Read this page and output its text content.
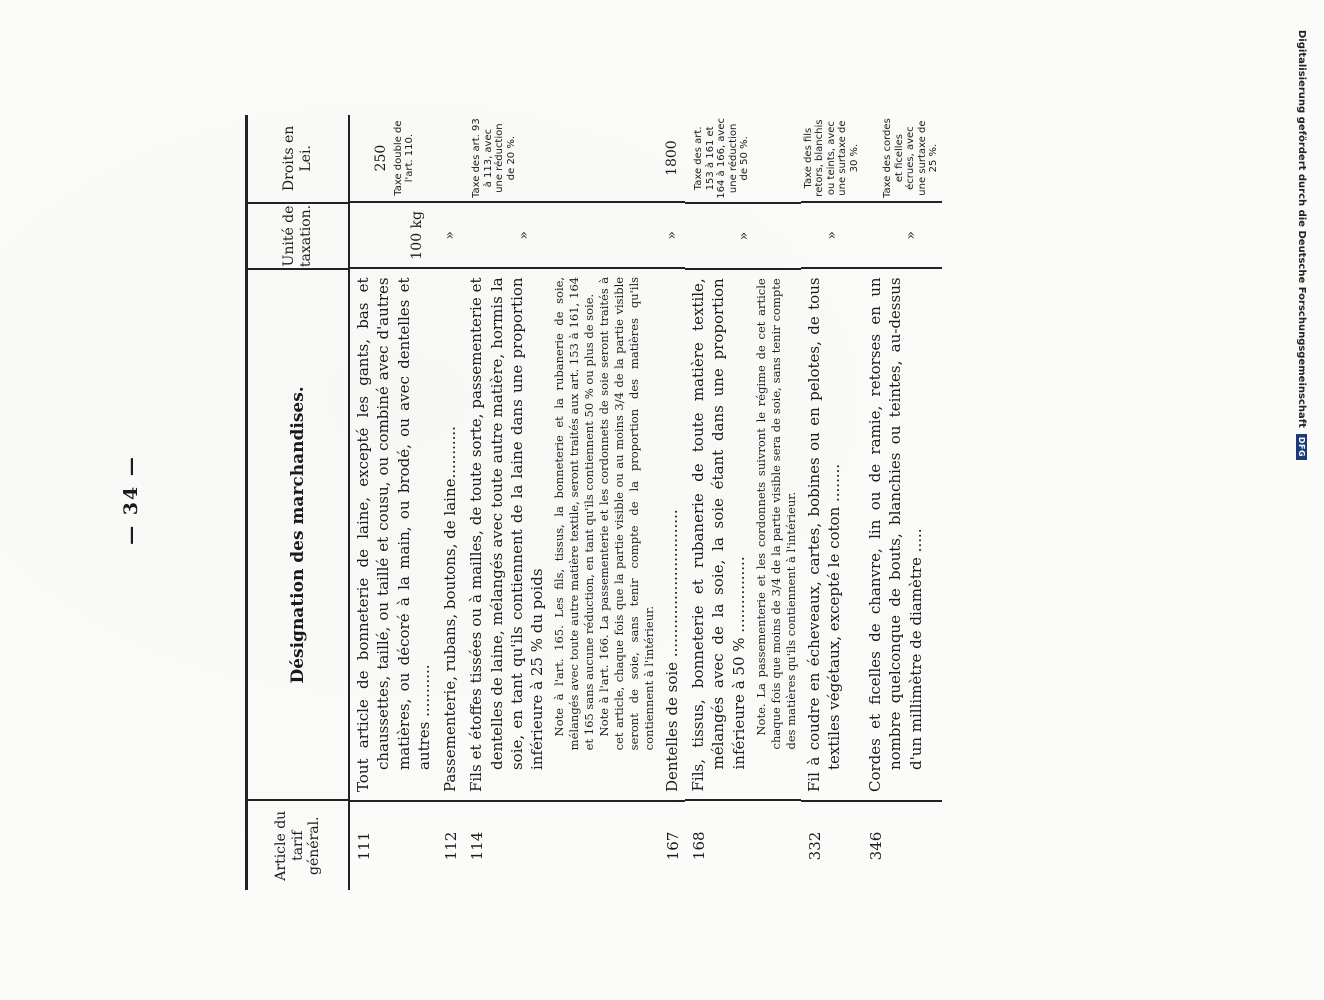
Digitalisierung gefördert durch die Deutsche Forschungsgemeinschaft
DFG
— 34 —
Article du tarif général.
Désignation des marchandises.
Unité de taxation.
Droits en Lei.
111
Tout article de bonneterie de laine, excepté les gants, bas et chaussettes, taillé, ou taillé et cousu, ou combiné avec d'autres matières, ou décoré à la main, ou brodé, ou avec dentelles et autres ...........
100 kg
250 Taxe double de l'art. 110.
112
Passementerie, rubans, boutons, de laine...........
»
114
Fils et étoffes tissées ou à mailles, de toute sorte, passementerie et dentelles de laine, mélangés avec toute autre matière, hormis la soie, en tant qu'ils contiennent de la laine dans une proportion inférieure à 25 % du poids
»
Taxe des art. 93 à 113, avec une réduction de 20 %.
Note à l'art. 165. Les fils, tissus, la bonneterie et la rubanerie de soie, mélangés avec toute autre matière textile, seront traités aux art. 153 à 161, 164 et 165 sans aucune réduction, en tant qu'ils contiennent 50 % ou plus de soie. Note à l'art. 166. La passementerie et les cordonnets de soie seront traités à cet article, chaque fois que la partie visible ou au moins 3/4 de la partie visible seront de soie, sans tenir compte de la proportion des matières qu'ils contiennent à l'intérieur.
167
Dentelles de soie ...............................
»
1800
168
Fils, tissus, bonneterie et rubanerie de toute matière textile, mélangés avec de la soie, la soie étant dans une proportion inférieure à 50 % ................ Note. La passementerie et les cordonnets suivront le régime de cet article chaque fois que moins de 3/4 de la partie visible sera de soie, sans tenir compte des matières qu'ils contiennent à l'intérieur.
»
Taxe des art. 153 à 161 et 164 à 166, avec une réduction de 50 %.
332
Fil à coudre en écheveaux, cartes, bobines ou en pelotes, de tous textiles végétaux, excepté le coton ........
»
Taxe des fils retors, blanchis ou teints, avec une surtaxe de 30 %.
346
Cordes et ficelles de chanvre, lin ou de ramie, retorses en un nombre quelconque de bouts, blanchies ou teintes, au-dessus d'un millimètre de diamètre .....
»
Taxe des cordes et ficelles écrues, avec une surtaxe de 25 %.
